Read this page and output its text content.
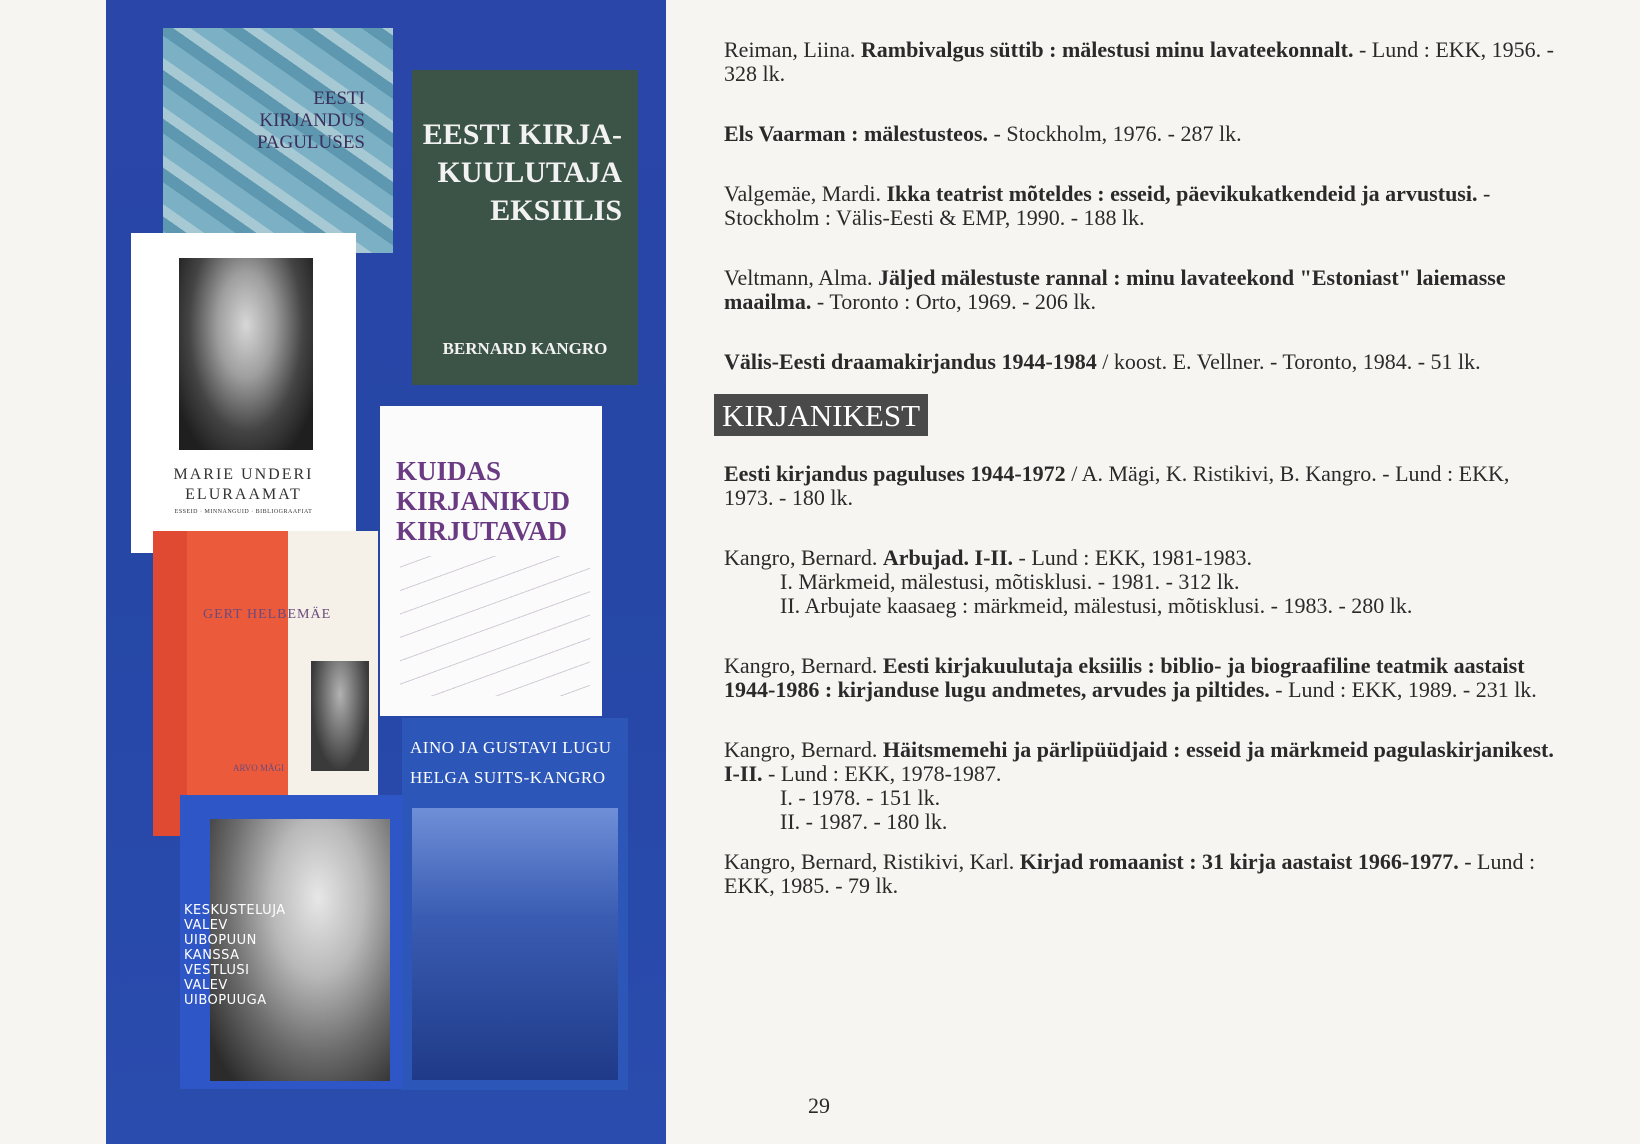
EESTI
KIRJANDUS
PAGULUSES EESTI KIRJA-
KUULUTAJA
EKSIILIS
BERNARD KANGRO
MARIE UNDERI
ELURAAMAT
ESSEID · MINNANGUID · BIBLIOGRAAFIAT
KUIDAS
KIRJANIKUD
KIRJUTAVAD
GERT HELBEMÄE
ARVO MÄGI
AINO JA GUSTAVI LUGU
HELGA SUITS-KANGRO
KESKUSTELUJA
VALEV UIBOPUUN
KANSSA
VESTLUSI
VALEV UIBOPUUGA
Reiman, Liina. Rambivalgus süttib : mälestusi minu lavateekonnalt. - Lund : EKK, 1956. - 328 lk.
Els Vaarman : mälestusteos. - Stockholm, 1976. - 287 lk.
Valgemäe, Mardi. Ikka teatrist mõteldes : esseid, päevikukatkendeid ja arvustusi. - Stockholm : Välis-Eesti & EMP, 1990. - 188 lk.
Veltmann, Alma. Jäljed mälestuste rannal : minu lavateekond "Estoniast" laiemasse maailma. - Toronto : Orto, 1969. - 206 lk.
Välis-Eesti draamakirjandus 1944-1984 / koost. E. Vellner. - Toronto, 1984. - 51 lk.
KIRJANIKEST
Eesti kirjandus paguluses 1944-1972 / A. Mägi, K. Ristikivi, B. Kangro. - Lund : EKK, 1973. - 180 lk.
Kangro, Bernard. Arbujad. I-II. - Lund : EKK, 1981-1983.
I. Märkmeid, mälestusi, mõtisklusi. - 1981. - 312 lk.
II. Arbujate kaasaeg : märkmeid, mälestusi, mõtisklusi. - 1983. - 280 lk.
Kangro, Bernard. Eesti kirjakuulutaja eksiilis : biblio- ja biograafiline teatmik aastaist 1944-1986 : kirjanduse lugu andmetes, arvudes ja piltides. - Lund : EKK, 1989. - 231 lk.
Kangro, Bernard. Häitsmemehi ja pärlipüüdjaid : esseid ja märkmeid pagulaskirjanikest. I-II. - Lund : EKK, 1978-1987.
I. - 1978. - 151 lk.
II. - 1987. - 180 lk.
Kangro, Bernard, Ristikivi, Karl. Kirjad romaanist : 31 kirja aastaist 1966-1977. - Lund : EKK, 1985. - 79 lk.
29
